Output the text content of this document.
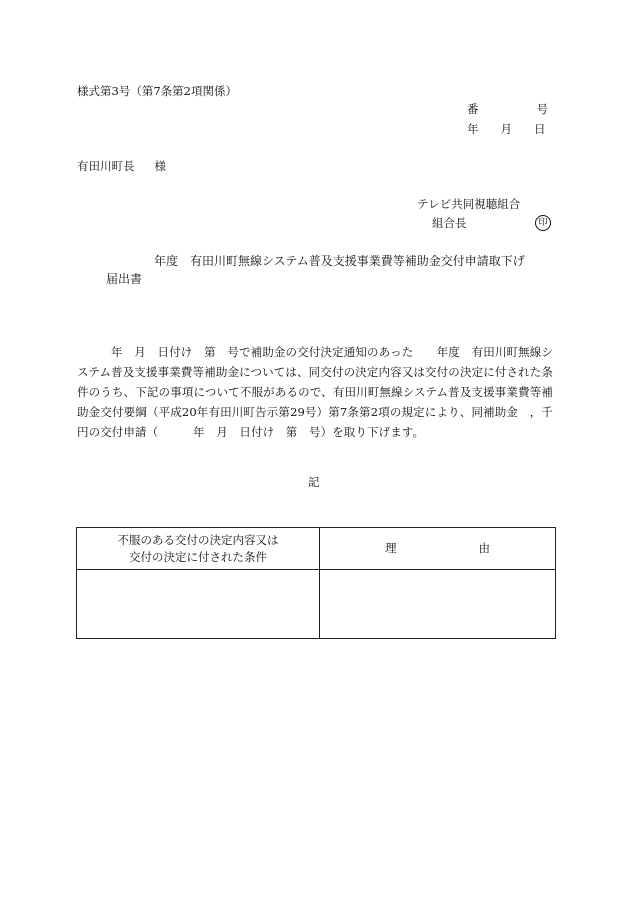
様式第3号（第7条第2項関係）
番	号
年 月 日
有田川町長 様
テレビ共同視聴組合
組合長	印
年度　有田川町無線システム普及支援事業費等補助金交付申請取下げ
届出書
年　月　日付け　第　号で補助金の交付決定通知のあった　　年度　有田川町無線システム普及支援事業費等補助金については、同交付の決定内容又は交付の決定に付された条件のうち、下記の事項について不服があるので、有田川町無線システム普及支援事業費等補助金交付要綱（平成20年有田川町告示第29号）第7条第2項の規定により、同補助金　，千円の交付申請（　　　年　月　日付け　第　号）を取り下げます。
記
不服のある交付の決定内容又は
交付の決定に付された条件	理 由
